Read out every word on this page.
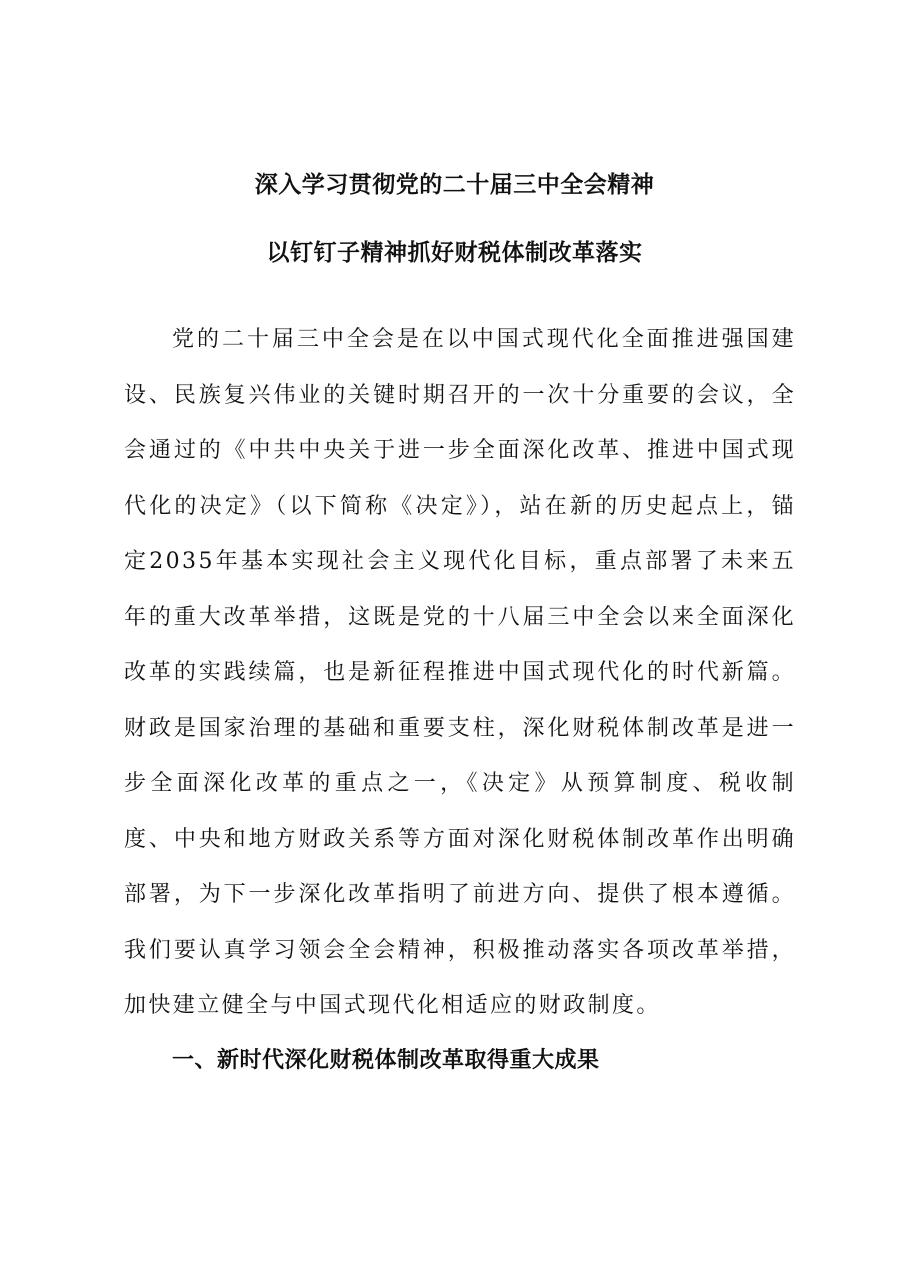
深入学习贯彻党的二十届三中全会精神
以钉钉子精神抓好财税体制改革落实

党的二十届三中全会是在以中国式现代化全面推进强国建设、民族复兴伟业的关键时期召开的一次十分重要的会议，全会通过的《中共中央关于进一步全面深化改革、推进中国式现代化的决定》（以下简称《决定》），站在新的历史起点上，锚定2035年基本实现社会主义现代化目标，重点部署了未来五年的重大改革举措，这既是党的十八届三中全会以来全面深化改革的实践续篇，也是新征程推进中国式现代化的时代新篇。财政是国家治理的基础和重要支柱，深化财税体制改革是进一步全面深化改革的重点之一，《决定》从预算制度、税收制度、中央和地方财政关系等方面对深化财税体制改革作出明确部署，为下一步深化改革指明了前进方向、提供了根本遵循。我们要认真学习领会全会精神，积极推动落实各项改革举措，加快建立健全与中国式现代化相适应的财政制度。

一、新时代深化财税体制改革取得重大成果
